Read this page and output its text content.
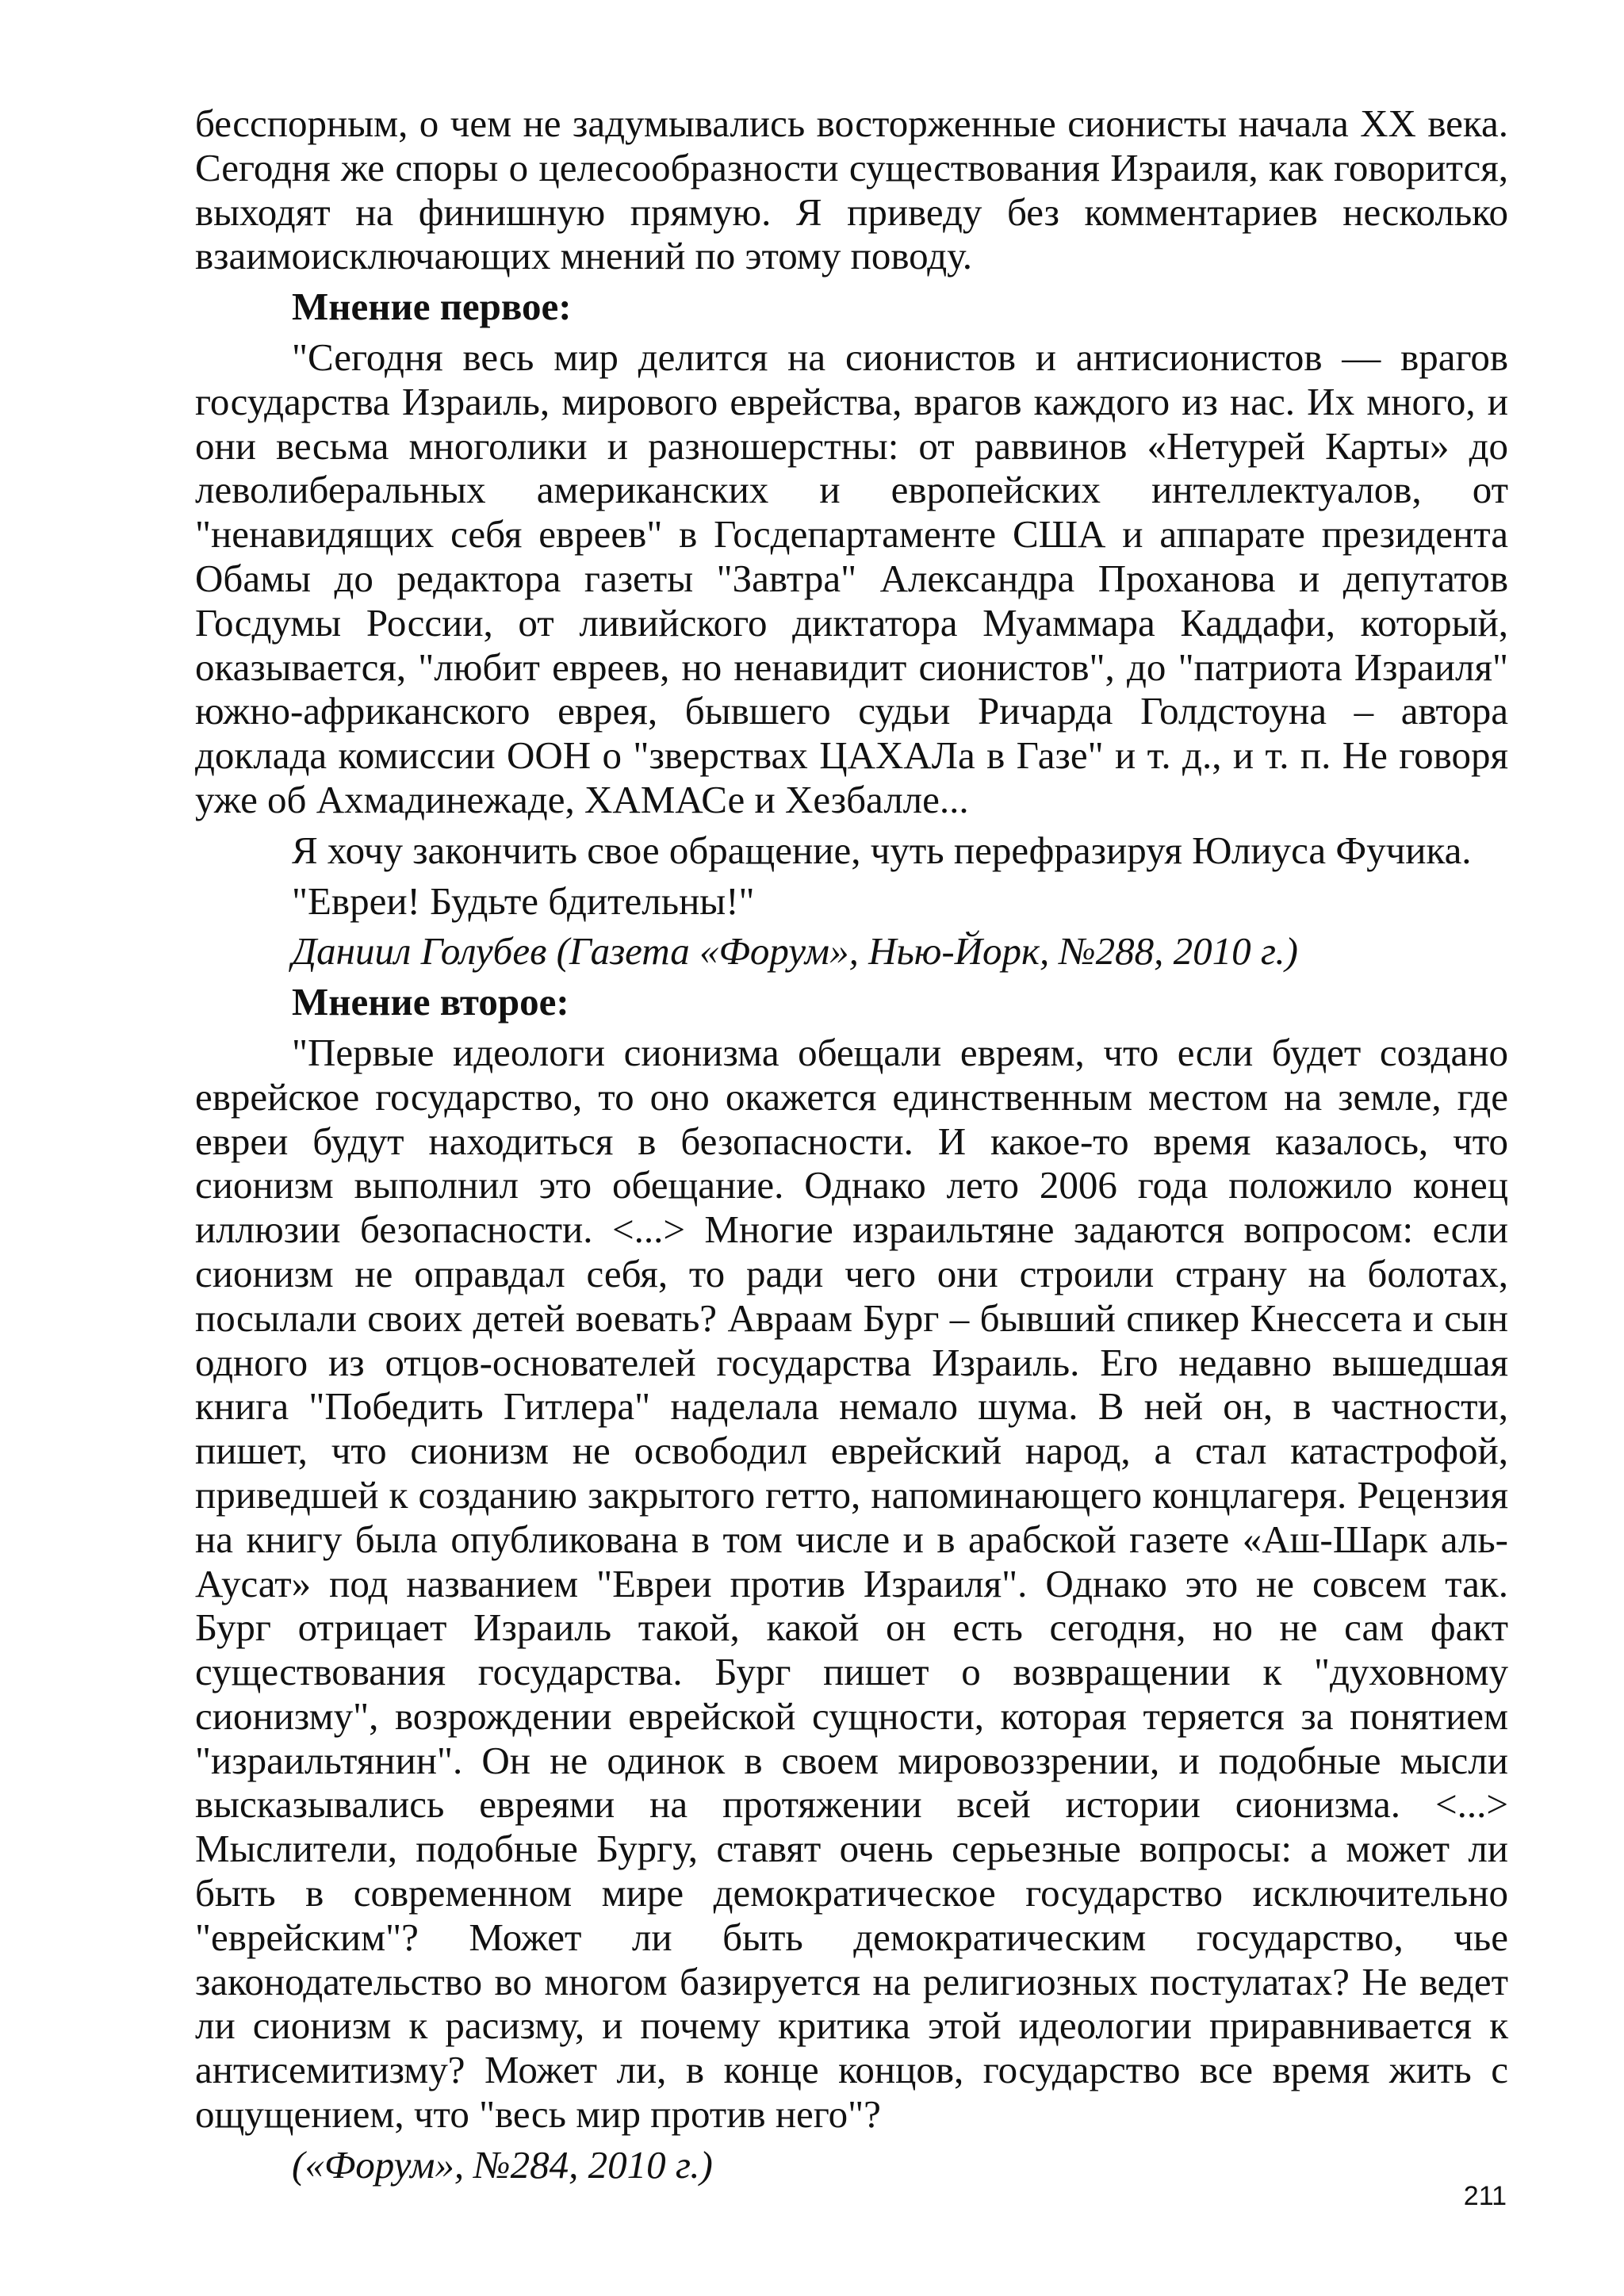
бесспорным, о чем не задумывались восторженные сионисты начала XX века. Сегодня же споры о целесообразности существования Израиля, как говорится, выходят на финишную прямую. Я приведу без комментариев несколько взаимоисключающих мнений по этому поводу.

Мнение первое:

"Сегодня весь мир делится на сионистов и антисионистов — врагов государства Израиль, мирового еврейства, врагов каждого из нас. Их много, и они весьма многолики и разношерстны: от раввинов «Нетурей Карты» до леволиберальных американских и европейских интеллектуалов, от "ненавидящих себя евреев" в Госдепартаменте США и аппарате президента Обамы до редактора газеты "Завтра" Александра Проханова и депутатов Госдумы России, от ливийского диктатора Муаммара Каддафи, который, оказывается, "любит евреев, но ненавидит сионистов", до "патриота Израиля" южно-африканского еврея, бывшего судьи Ричарда Голдстоуна – автора доклада комиссии ООН о "зверствах ЦАХАЛа в Газе" и т. д., и т. п. Не говоря уже об Ахмадинежаде, ХАМАСе и Хезбалле...

Я хочу закончить свое обращение, чуть перефразируя Юлиуса Фучика.

"Евреи! Будьте бдительны!"

Даниил Голубев (Газета «Форум», Нью-Йорк, №288, 2010 г.)

Мнение второе:

"Первые идеологи сионизма обещали евреям, что если будет создано еврейское государство, то оно окажется единственным местом на земле, где евреи будут находиться в безопасности. И какое-то время казалось, что сионизм выполнил это обещание. Однако лето 2006 года положило конец иллюзии безопасности. <...> Многие израильтяне задаются вопросом: если сионизм не оправдал себя, то ради чего они строили страну на болотах, посылали своих детей воевать? Авраам Бург – бывший спикер Кнессета и сын одного из отцов-основателей государства Израиль. Его недавно вышедшая книга "Победить Гитлера" наделала немало шума. В ней он, в частности, пишет, что сионизм не освободил еврейский народ, а стал катастрофой, приведшей к созданию закрытого гетто, напоминающего концлагеря. Рецензия на книгу была опубликована в том числе и в арабской газете «Аш-Шарк аль-Аусат» под названием "Евреи против Израиля". Однако это не совсем так. Бург отрицает Израиль такой, какой он есть сегодня, но не сам факт существования государства. Бург пишет о возвращении к "духовному сионизму", возрождении еврейской сущности, которая теряется за понятием "израильтянин". Он не одинок в своем мировоззрении, и подобные мысли высказывались евреями на протяжении всей истории сионизма. <...> Мыслители, подобные Бургу, ставят очень серьезные вопросы: а может ли быть в современном мире демократическое государство исключительно "еврейским"? Может ли быть демократическим государство, чье законодательство во многом базируется на религиозных постулатах? Не ведет ли сионизм к расизму, и почему критика этой идеологии приравнивается к антисемитизму? Может ли, в конце концов, государство все время жить с ощущением, что "весь мир против него"?

(«Форум», №284, 2010 г.)

211
